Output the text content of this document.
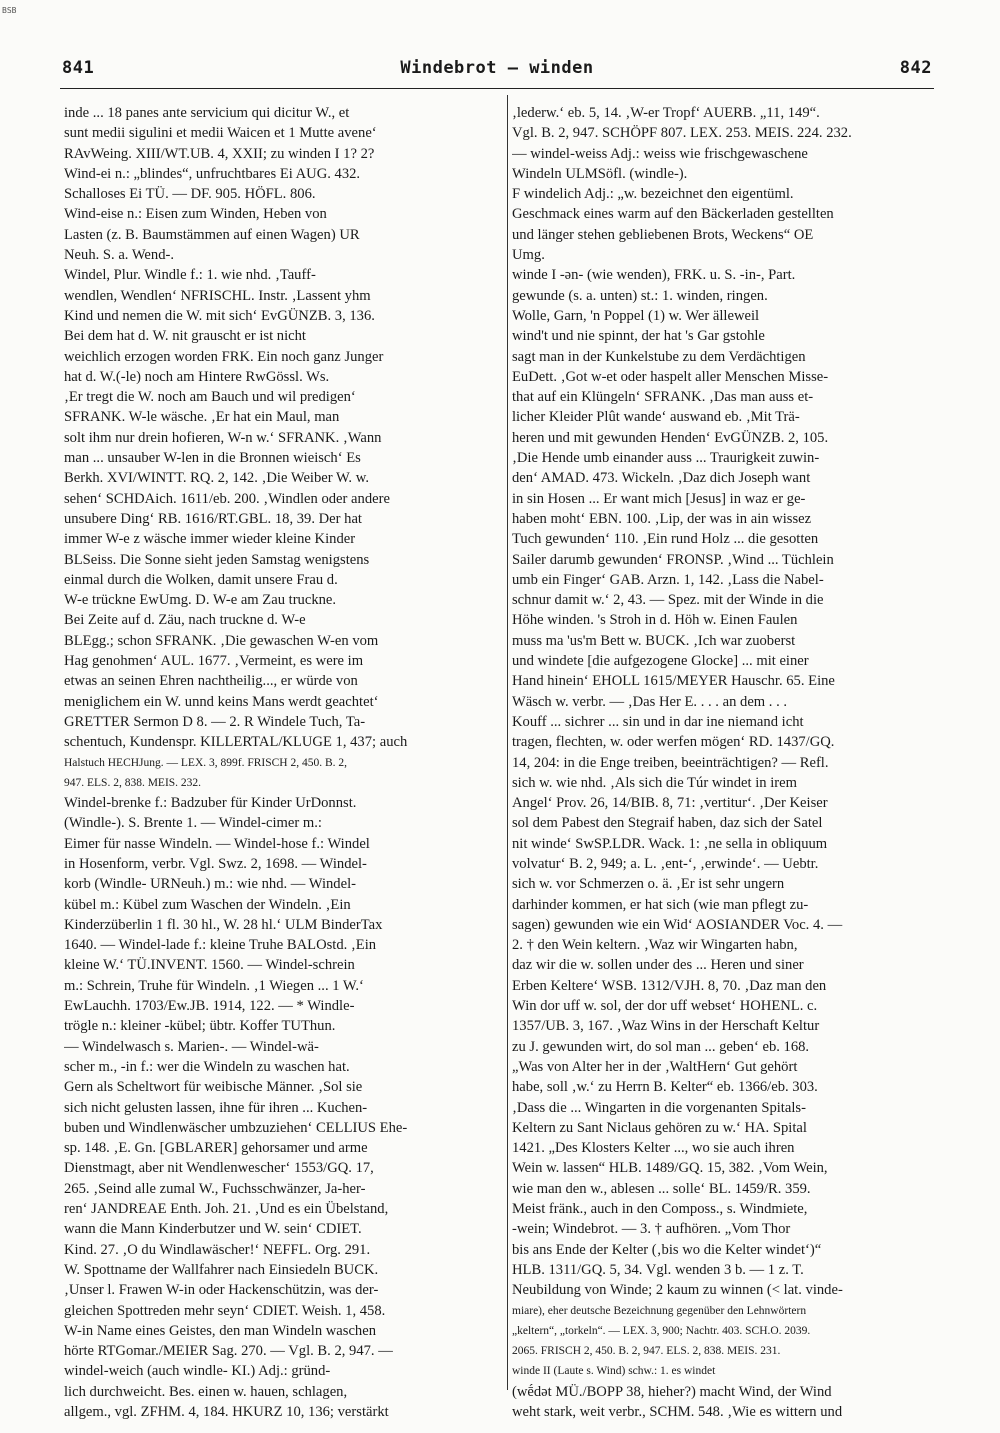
BSB
841	Windebrot — winden	842
inde ... 18 panes ante servicium qui dicitur W., et
sunt medii sigulini et medii Waicen et 1 Mutte avene‘
RAvWeing. XIII/WT.UB. 4, XXII; zu winden I 1? 2?
Wind-ei n.: „blindes“, unfruchtbares Ei AUG. 432.
Schalloses Ei TÜ. — DF. 905. HÖFL. 806.
Wind-eise n.: Eisen zum Winden, Heben von
Lasten (z. B. Baumstämmen auf einen Wagen) UR
Neuh. S. a. Wend-.
Windel, Plur. Windle f.: 1. wie nhd. ‚Tauff-
wendlen, Wendlen‘ NFRISCHL. Instr. ‚Lassent yhm
Kind und nemen die W. mit sich‘ EvGÜNZB. 3, 136.
Bei dem hat d. W. nit grauscht er ist nicht
weichlich erzogen worden FRK. Ein noch ganz Junger
hat d. W.(-le) noch am Hintere RwGössl. Ws.
‚Er tregt die W. noch am Bauch und wil predigen‘
SFRANK. W-le wäsche. ‚Er hat ein Maul, man
solt ihm nur drein hofieren, W-n w.‘ SFRANK. ‚Wann
man ... unsauber W-len in die Bronnen wieisch‘ Es
Berkh. XVI/WINTT. RQ. 2, 142. ‚Die Weiber W. w.
sehen‘ SCHDAich. 1611/eb. 200. ‚Windlen oder andere
unsubere Ding‘ RB. 1616/RT.GBL. 18, 39. Der hat
immer W-e z wäsche immer wieder kleine Kinder
BLSeiss. Die Sonne sieht jeden Samstag wenigstens
einmal durch die Wolken, damit unsere Frau d.
W-e trückne EwUmg. D. W-e am Zau truckne.
Bei Zeite auf d. Zäu, nach truckne d. W-e
BLEgg.; schon SFRANK. ‚Die gewaschen W-en vom
Hag genohmen‘ AUL. 1677. ‚Vermeint, es were im
etwas an seinen Ehren nachtheilig..., er würde von
meniglichem ein W. unnd keins Mans werdt geachtet‘
GRETTER Sermon D 8. — 2. R Windele Tuch, Ta-
schentuch, Kundenspr. KILLERTAL/KLUGE 1, 437; auch
Halstuch HECHJung. — LEX. 3, 899f. FRISCH 2, 450. B. 2,
947. ELS. 2, 838. MEIS. 232.
Windel-brenke f.: Badzuber für Kinder UrDonnst.
(Windle-). S. Brente 1. — Windel-cimer m.:
Eimer für nasse Windeln. — Windel-hose f.: Windel
in Hosenform, verbr. Vgl. Swz. 2, 1698. — Windel-
korb (Windle- URNeuh.) m.: wie nhd. — Windel-
kübel m.: Kübel zum Waschen der Windeln. ‚Ein
Kinderzüberlin 1 fl. 30 hl., W. 28 hl.‘ ULM BinderTax
1640. — Windel-lade f.: kleine Truhe BALOstd. ‚Ein
kleine W.‘ TÜ.INVENT. 1560. — Windel-schrein
m.: Schrein, Truhe für Windeln. ‚1 Wiegen ... 1 W.‘
EwLauchh. 1703/Ew.JB. 1914, 122. — * Windle-
trögle n.: kleiner -kübel; übtr. Koffer TUThun.
— Windelwasch s. Marien-. — Windel-wä-
scher m., -in f.: wer die Windeln zu waschen hat.
Gern als Scheltwort für weibische Männer. ‚Sol sie
sich nicht gelusten lassen, ihne für ihren ... Kuchen-
buben und Windlenwäscher umbzuziehen‘ CELLIUS Ehe-
sp. 148. ‚E. Gn. [GBLARER] gehorsamer und arme
Dienstmagt, aber nit Wendlenwescher‘ 1553/GQ. 17,
265. ‚Seind alle zumal W., Fuchsschwänzer, Ja-her-
ren‘ JANDREAE Enth. Joh. 21. ‚Und es ein Übelstand,
wann die Mann Kinderbutzer und W. sein‘ CDIET.
Kind. 27. ‚O du Windlawäscher!‘ NEFFL. Org. 291.
W. Spottname der Wallfahrer nach Einsiedeln BUCK.
‚Unser l. Frawen W-in oder Hackenschützin, was der-
gleichen Spottreden mehr seyn‘ CDIET. Weish. 1, 458.
W-in Name eines Geistes, den man Windeln waschen
hörte RTGomar./MEIER Sag. 270. — Vgl. B. 2, 947. —
windel-weich (auch windle- KI.) Adj.: gründ-
lich durchweicht. Bes. einen w. hauen, schlagen,
allgem., vgl. ZFHM. 4, 184. HKURZ 10, 136; verstärkt
‚lederw.‘ eb. 5, 14. ‚W-er Tropf‘ AUERB. „11, 149“.
Vgl. B. 2, 947. SCHÖPF 807. LEX. 253. MEIS. 224. 232.
— windel-weiss Adj.: weiss wie frischgewaschene
Windeln ULMSöfl. (windle-).
F windelich Adj.: „w. bezeichnet den eigentüml.
Geschmack eines warm auf den Bäckerladen gestellten
und länger stehen gebliebenen Brots, Weckens“ OE
Umg.
winde I -ǝn- (wie wenden), FRK. u. S. -in-, Part.
gewunde (s. a. unten) st.: 1. winden, ringen.
Wolle, Garn, 'n Poppel (1) w. Wer älleweil
wind't und nie spinnt, der hat 's Gar gstohle
sagt man in der Kunkelstube zu dem Verdächtigen
EuDett. ‚Got w-et oder haspelt aller Menschen Misse-
that auf ein Klüngeln‘ SFRANK. ‚Das man auss et-
licher Kleider Plût wande‘ auswand eb. ‚Mit Trä-
heren und mit gewunden Henden‘ EvGÜNZB. 2, 105.
‚Die Hende umb einander auss ... Traurigkeit zuwin-
den‘ AMAD. 473. Wickeln. ‚Daz dich Joseph want
in sin Hosen ... Er want mich [Jesus] in waz er ge-
haben moht‘ EBN. 100. ‚Lip, der was in ain wissez
Tuch gewunden‘ 110. ‚Ein rund Holz ... die gesotten
Sailer darumb gewunden‘ FRONSP. ‚Wind ... Tüchlein
umb ein Finger‘ GAB. Arzn. 1, 142. ‚Lass die Nabel-
schnur damit w.‘ 2, 43. — Spez. mit der Winde in die
Höhe winden. 's Stroh in d. Höh w. Einen Faulen
muss ma 'us'm Bett w. BUCK. ‚Ich war zuoberst
und windete [die aufgezogene Glocke] ... mit einer
Hand hinein‘ EHOLL 1615/MEYER Hauschr. 65. Eine
Wäsch w. verbr. — ‚Das Her E. . . . an dem . . .
Kouff ... sichrer ... sin und in dar ine niemand icht
tragen, flechten, w. oder werfen mögen‘ RD. 1437/GQ.
14, 204: in die Enge treiben, beeinträchtigen? — Refl.
sich w. wie nhd. ‚Als sich die Túr windet in irem
Angel‘ Prov. 26, 14/BIB. 8, 71: ‚vertitur‘. ‚Der Keiser
sol dem Pabest den Stegraif haben, daz sich der Satel
nit winde‘ SwSP.LDR. Wack. 1: ‚ne sella in obliquum
volvatur‘ B. 2, 949; a. L. ‚ent-‘, ‚erwinde‘. — Uebtr.
sich w. vor Schmerzen o. ä. ‚Er ist sehr ungern
darhinder kommen, er hat sich (wie man pflegt zu-
sagen) gewunden wie ein Wid‘ AOSIANDER Voc. 4. —
2. † den Wein keltern. ‚Waz wir Wingarten habn,
daz wir die w. sollen under des ... Heren und siner
Erben Keltere‘ WSB. 1312/VJH. 8, 70. ‚Daz man den
Win dor uff w. sol, der dor uff webset‘ HOHENL. c.
1357/UB. 3, 167. ‚Waz Wins in der Herschaft Keltur
zu J. gewunden wirt, do sol man ... geben‘ eb. 168.
„Was von Alter her in der ‚WaltHern‘ Gut gehört
habe, soll ‚w.‘ zu Herrn B. Kelter“ eb. 1366/eb. 303.
‚Dass die ... Wingarten in die vorgenanten Spitals-
Keltern zu Sant Niclaus gehören zu w.‘ HA. Spital
1421. „Des Klosters Kelter ..., wo sie auch ihren
Wein w. lassen“ HLB. 1489/GQ. 15, 382. ‚Vom Wein,
wie man den w., ablesen ... solle‘ BL. 1459/R. 359.
Meist fränk., auch in den Composs., s. Windmiete,
-wein; Windebrot. — 3. † aufhören. „Vom Thor
bis ans Ende der Kelter (‚bis wo die Kelter windet‘)“
HLB. 1311/GQ. 5, 34. Vgl. wenden 3 b. — 1 z. T.
Neubildung von Winde; 2 kaum zu winnen (< lat. vinde-
miare), eher deutsche Bezeichnung gegenüber den Lehnwörtern
„keltern“, „torkeln“. — LEX. 3, 900; Nachtr. 403. SCH.O. 2039.
2065. FRISCH 2, 450. B. 2, 947. ELS. 2, 838. MEIS. 231.
winde II (Laute s. Wind) schw.: 1. es windet
(wḗdǝt MÜ./BOPP 38, hieher?) macht Wind, der Wind
weht stark, weit verbr., SCHM. 548. ‚Wie es wittern und
